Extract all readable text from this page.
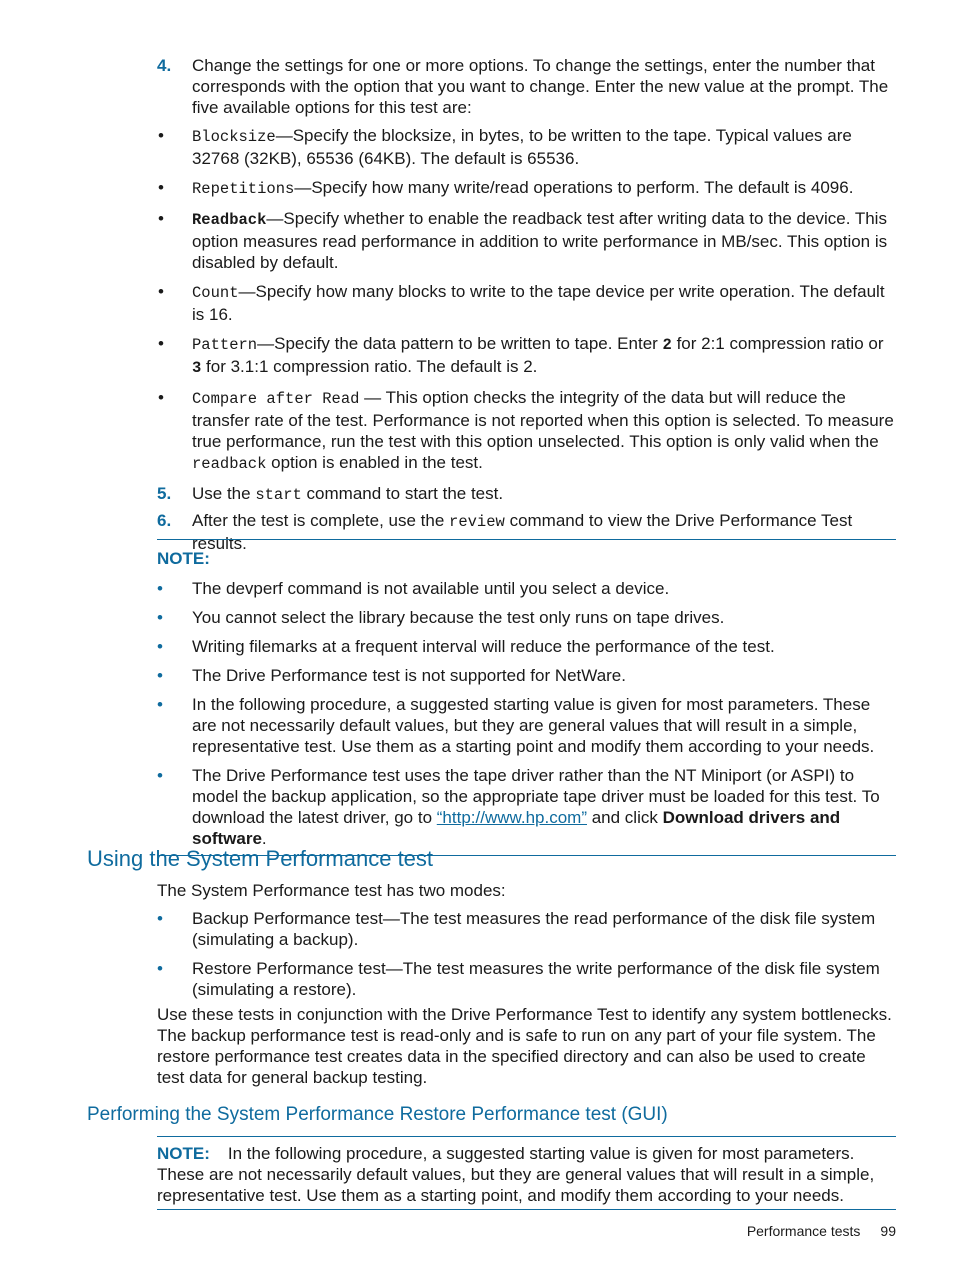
4. Change the settings for one or more options. To change the settings, enter the number that corresponds with the option that you want to change. Enter the new value at the prompt. The five available options for this test are:
• Blocksize—Specify the blocksize, in bytes, to be written to the tape. Typical values are 32768 (32KB), 65536 (64KB). The default is 65536.
• Repetitions—Specify how many write/read operations to perform. The default is 4096.
• Readback—Specify whether to enable the readback test after writing data to the device. This option measures read performance in addition to write performance in MB/sec. This option is disabled by default.
• Count—Specify how many blocks to write to the tape device per write operation. The default is 16.
• Pattern—Specify the data pattern to be written to tape. Enter 2 for 2:1 compression ratio or 3 for 3.1:1 compression ratio. The default is 2.
• Compare after Read — This option checks the integrity of the data but will reduce the transfer rate of the test. Performance is not reported when this option is selected. To measure true performance, run the test with this option unselected. This option is only valid when the readback option is enabled in the test.
5. Use the start command to start the test.
6. After the test is complete, use the review command to view the Drive Performance Test results.
NOTE:
• The devperf command is not available until you select a device.
• You cannot select the library because the test only runs on tape drives.
• Writing filemarks at a frequent interval will reduce the performance of the test.
• The Drive Performance test is not supported for NetWare.
• In the following procedure, a suggested starting value is given for most parameters. These are not necessarily default values, but they are general values that will result in a simple, representative test. Use them as a starting point and modify them according to your needs.
• The Drive Performance test uses the tape driver rather than the NT Miniport (or ASPI) to model the backup application, so the appropriate tape driver must be loaded for this test. To download the latest driver, go to “http://www.hp.com” and click Download drivers and software.
Using the System Performance test

The System Performance test has two modes:

• Backup Performance test—The test measures the read performance of the disk file system (simulating a backup).
• Restore Performance test—The test measures the write performance of the disk file system (simulating a restore).

Use these tests in conjunction with the Drive Performance Test to identify any system bottlenecks. The backup performance test is read-only and is safe to run on any part of your file system. The restore performance test creates data in the specified directory and can also be used to create test data for general backup testing.

Performing the System Performance Restore Performance test (GUI)
NOTE: In the following procedure, a suggested starting value is given for most parameters. These are not necessarily default values, but they are general values that will result in a simple, representative test. Use them as a starting point, and modify them according to your needs.
Performance tests 99
